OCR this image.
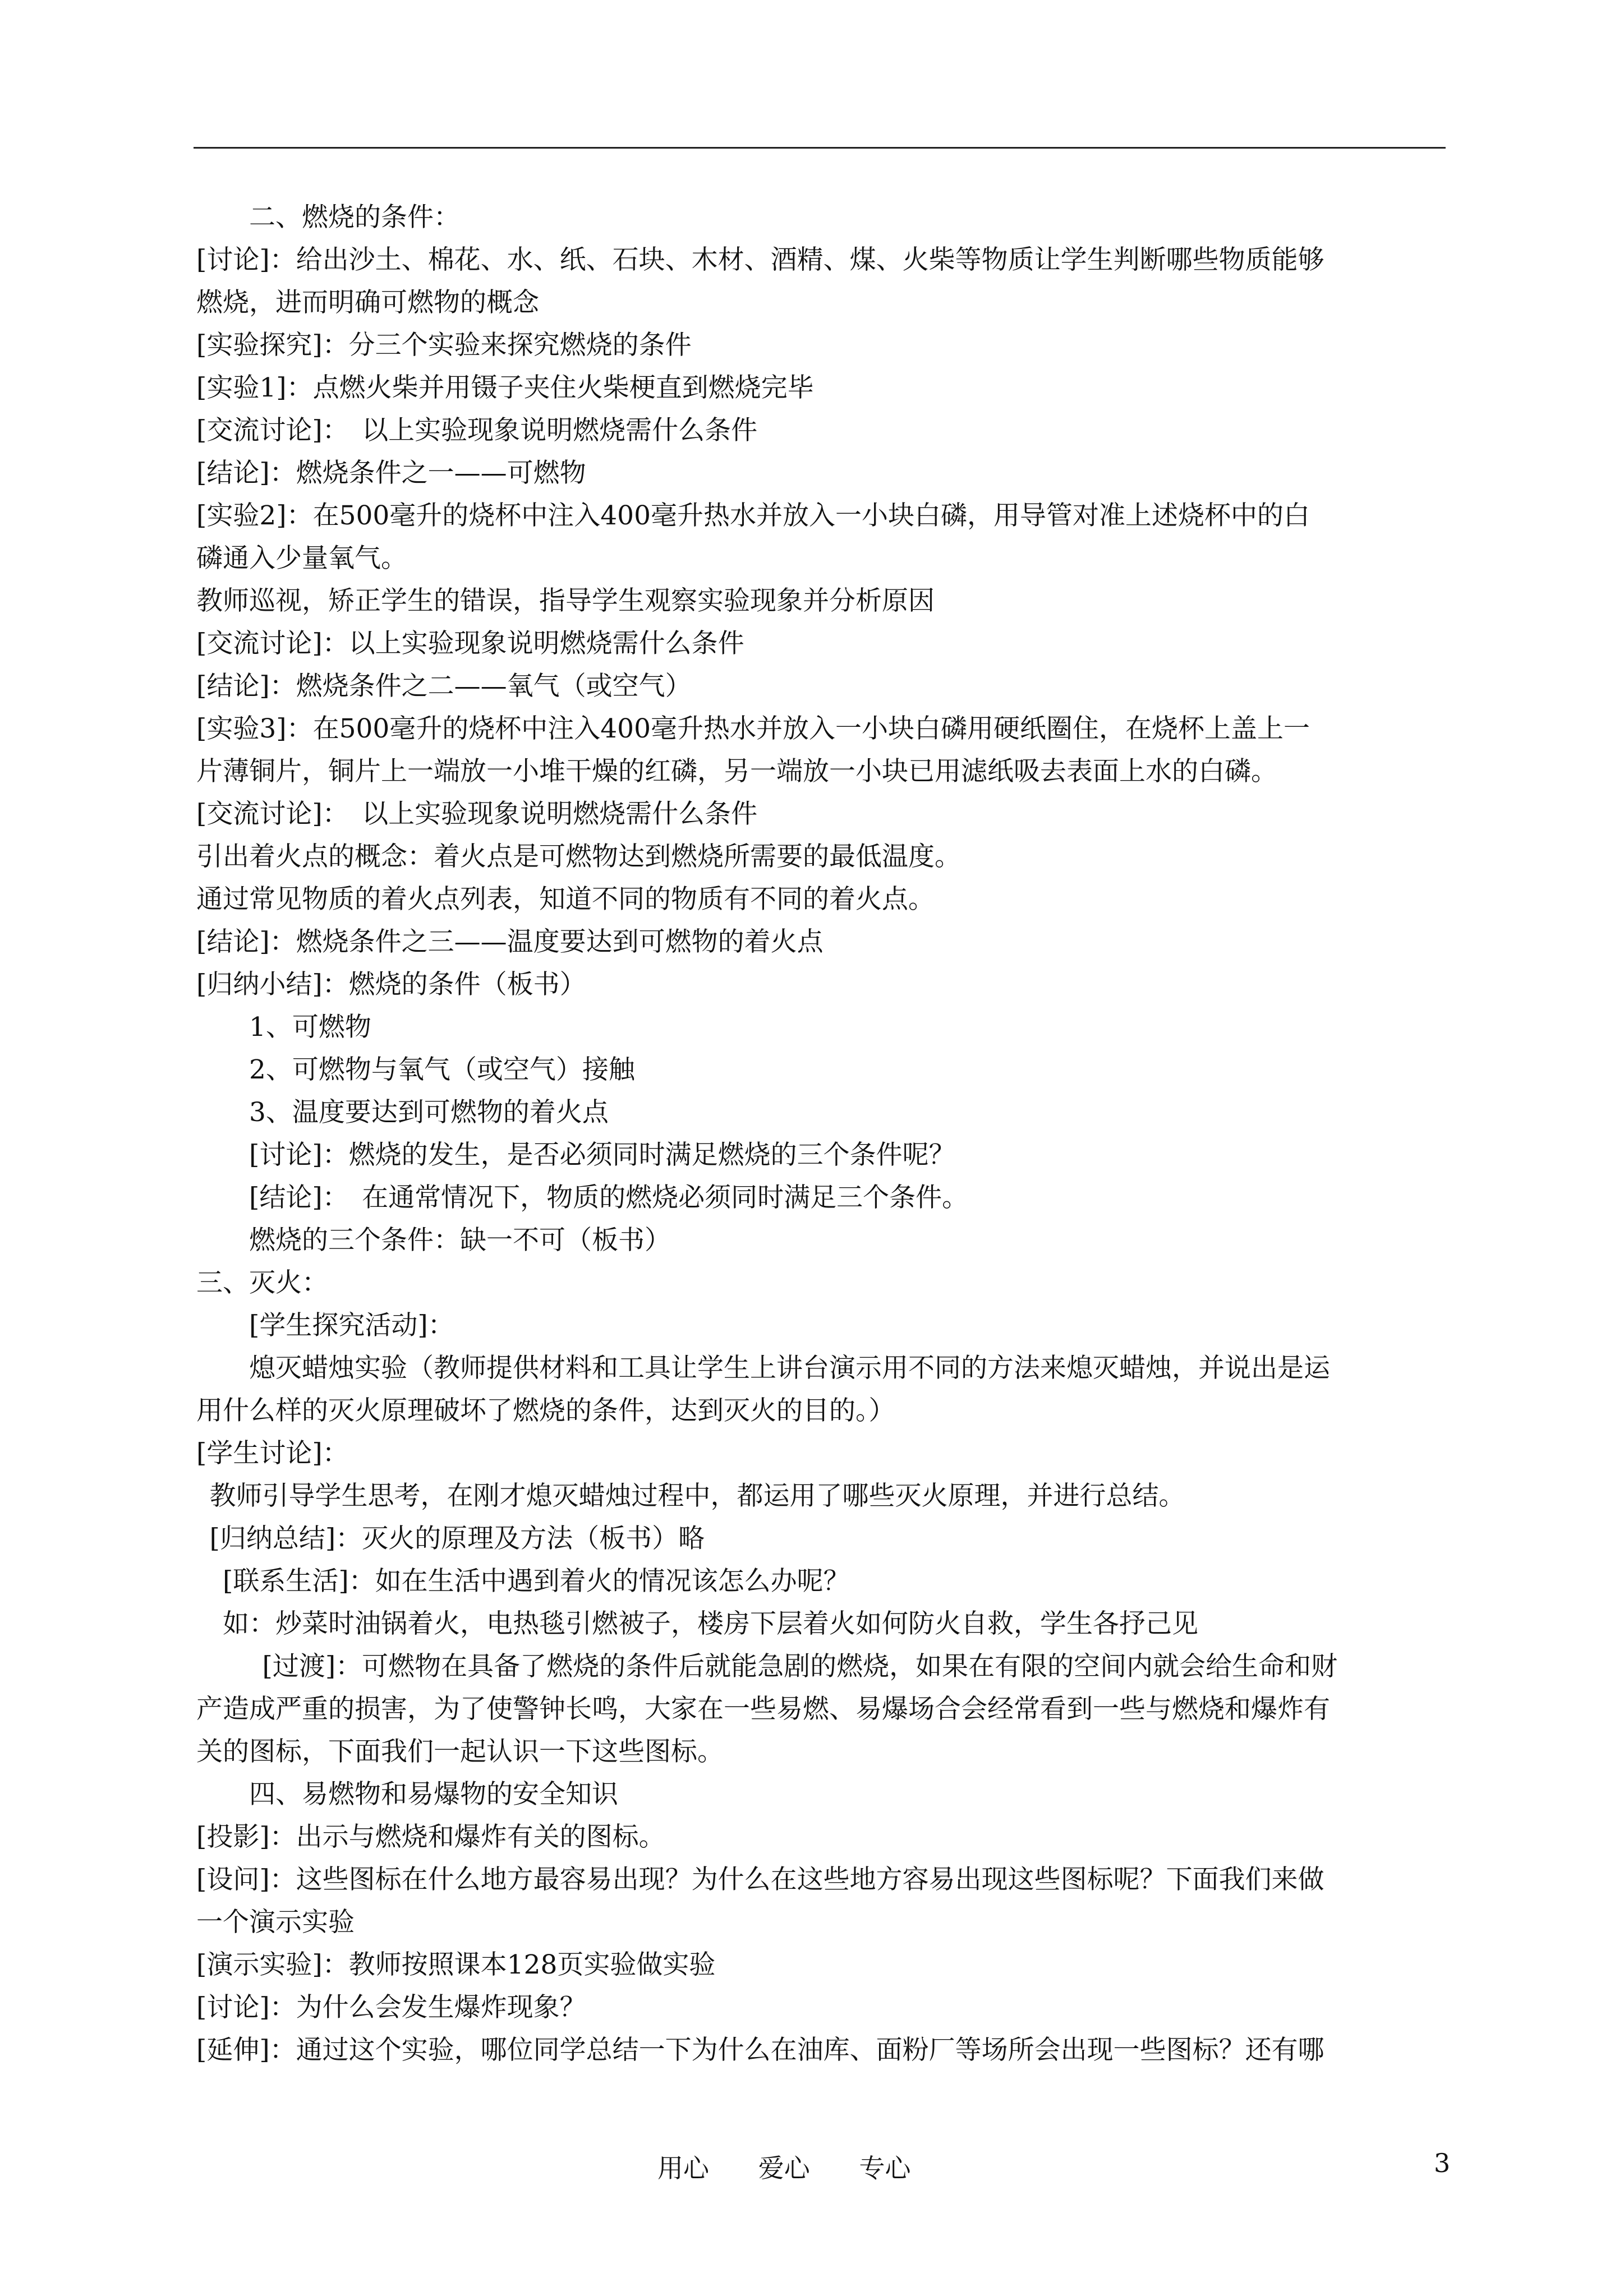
二、燃烧的条件：
[讨论]：给出沙土、棉花、水、纸、石块、木材、酒精、煤、火柴等物质让学生判断哪些物质能够
燃烧，进而明确可燃物的概念
[实验探究]：分三个实验来探究燃烧的条件
[实验1]：点燃火柴并用镊子夹住火柴梗直到燃烧完毕
[交流讨论]：　以上实验现象说明燃烧需什么条件
[结论]：燃烧条件之一——可燃物
[实验2]：在500毫升的烧杯中注入400毫升热水并放入一小块白磷，用导管对准上述烧杯中的白
磷通入少量氧气。
教师巡视，矫正学生的错误，指导学生观察实验现象并分析原因
[交流讨论]：以上实验现象说明燃烧需什么条件
[结论]：燃烧条件之二——氧气（或空气）
[实验3]：在500毫升的烧杯中注入400毫升热水并放入一小块白磷用硬纸圈住，在烧杯上盖上一
片薄铜片，铜片上一端放一小堆干燥的红磷，另一端放一小块已用滤纸吸去表面上水的白磷。
[交流讨论]：　以上实验现象说明燃烧需什么条件
引出着火点的概念：着火点是可燃物达到燃烧所需要的最低温度。
通过常见物质的着火点列表，知道不同的物质有不同的着火点。
[结论]：燃烧条件之三——温度要达到可燃物的着火点
[归纳小结]：燃烧的条件（板书）
1、可燃物
2、可燃物与氧气（或空气）接触
3、温度要达到可燃物的着火点
[讨论]：燃烧的发生，是否必须同时满足燃烧的三个条件呢？
[结论]：　在通常情况下，物质的燃烧必须同时满足三个条件。
燃烧的三个条件：缺一不可（板书）
三、灭火：
[学生探究活动]：
熄灭蜡烛实验（教师提供材料和工具让学生上讲台演示用不同的方法来熄灭蜡烛，并说出是运
用什么样的灭火原理破坏了燃烧的条件，达到灭火的目的。）
[学生讨论]：
教师引导学生思考，在刚才熄灭蜡烛过程中，都运用了哪些灭火原理，并进行总结。
[归纳总结]：灭火的原理及方法（板书）略
[联系生活]：如在生活中遇到着火的情况该怎么办呢？
如：炒菜时油锅着火，电热毯引燃被子，楼房下层着火如何防火自救，学生各抒己见
[过渡]：可燃物在具备了燃烧的条件后就能急剧的燃烧，如果在有限的空间内就会给生命和财
产造成严重的损害，为了使警钟长鸣，大家在一些易燃、易爆场合会经常看到一些与燃烧和爆炸有
关的图标，下面我们一起认识一下这些图标。
四、易燃物和易爆物的安全知识
[投影]：出示与燃烧和爆炸有关的图标。
[设问]：这些图标在什么地方最容易出现？为什么在这些地方容易出现这些图标呢？下面我们来做
一个演示实验
[演示实验]：教师按照课本128页实验做实验
[讨论]：为什么会发生爆炸现象？
[延伸]：通过这个实验，哪位同学总结一下为什么在油库、面粉厂等场所会出现一些图标？还有哪
用心      爱心      专心	3
